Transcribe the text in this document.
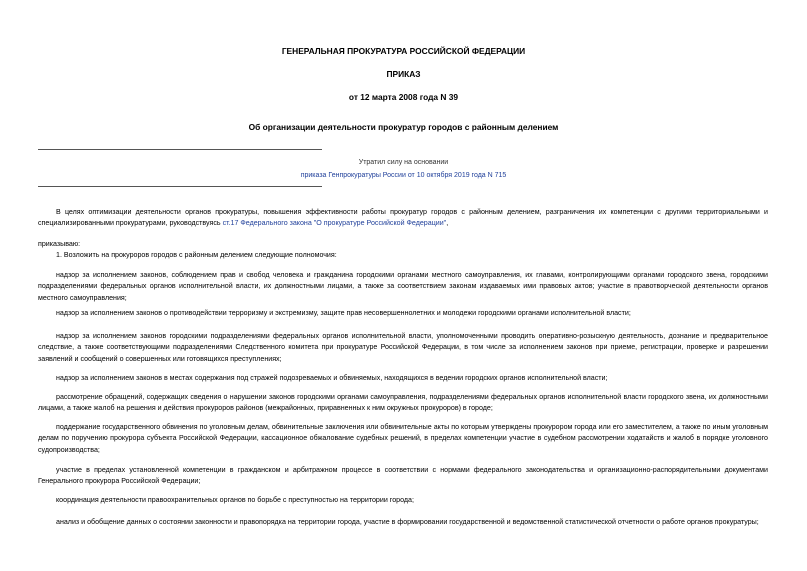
ГЕНЕРАЛЬНАЯ ПРОКУРАТУРА РОССИЙСКОЙ ФЕДЕРАЦИИ
ПРИКАЗ
от 12 марта 2008 года N 39
Об организации деятельности прокуратур городов с районным делением
Утратил силу на основании
приказа Генпрокуратуры России от 10 октября 2019 года N 715
В целях оптимизации деятельности органов прокуратуры, повышения эффективности работы прокуратур городов с районным делением, разграничения их компетенции с другими территориальными и специализированными прокуратурами, руководствуясь ст.17 Федерального закона "О прокуратуре Российской Федерации",
приказываю:
1. Возложить на прокуроров городов с районным делением следующие полномочия:
надзор за исполнением законов, соблюдением прав и свобод человека и гражданина городскими органами местного самоуправления, их главами, контролирующими органами городского звена, городскими подразделениями федеральных органов исполнительной власти, их должностными лицами, а также за соответствием законам издаваемых ими правовых актов; участие в правотворческой деятельности органов местного самоуправления;
надзор за исполнением законов о противодействии терроризму и экстремизму, защите прав несовершеннолетних и молодежи городскими органами исполнительной власти;
надзор за исполнением законов городскими подразделениями федеральных органов исполнительной власти, уполномоченными проводить оперативно-розыскную деятельность, дознание и предварительное следствие, а также соответствующими подразделениями Следственного комитета при прокуратуре Российской Федерации, в том числе за исполнением законов при приеме, регистрации, проверке и разрешении заявлений и сообщений о совершенных или готовящихся преступлениях;
надзор за исполнением законов в местах содержания под стражей подозреваемых и обвиняемых, находящихся в ведении городских органов исполнительной власти;
рассмотрение обращений, содержащих сведения о нарушении законов городскими органами самоуправления, подразделениями федеральных органов исполнительной власти городского звена, их должностными лицами, а также жалоб на решения и действия прокуроров районов (межрайонных, приравненных к ним окружных прокуроров) в городе;
поддержание государственного обвинения по уголовным делам, обвинительные заключения или обвинительные акты по которым утверждены прокурором города или его заместителем, а также по иным уголовным делам по поручению прокурора субъекта Российской Федерации, кассационное обжалование судебных решений, в пределах компетенции участие в судебном рассмотрении ходатайств и жалоб в порядке уголовного судопроизводства;
участие в пределах установленной компетенции в гражданском и арбитражном процессе в соответствии с нормами федерального законодательства и организационно-распорядительными документами Генерального прокурора Российской Федерации;
координация деятельности правоохранительных органов по борьбе с преступностью на территории города;
анализ и обобщение данных о состоянии законности и правопорядка на территории города, участие в формировании государственной и ведомственной статистической отчетности о работе органов прокуратуры;
